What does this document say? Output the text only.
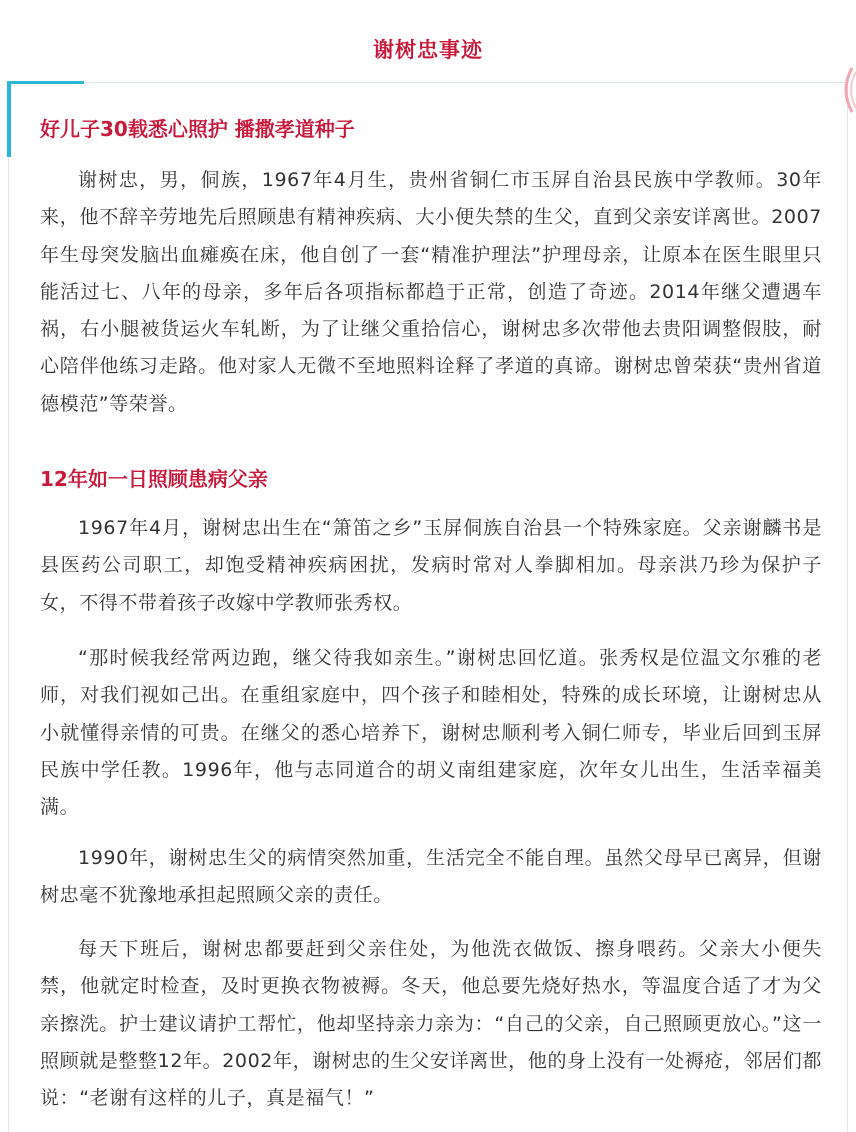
谢树忠事迹
好儿子30载悉心照护 播撒孝道种子

谢树忠，男，侗族，1967年4月生，贵州省铜仁市玉屏自治县民族中学教师。30年来，他不辞辛劳地先后照顾患有精神疾病、大小便失禁的生父，直到父亲安详离世。2007年生母突发脑出血瘫痪在床，他自创了一套“精准护理法”护理母亲，让原本在医生眼里只能活过七、八年的母亲，多年后各项指标都趋于正常，创造了奇迹。2014年继父遭遇车祸，右小腿被货运火车轧断，为了让继父重拾信心，谢树忠多次带他去贵阳调整假肢，耐心陪伴他练习走路。他对家人无微不至地照料诠释了孝道的真谛。谢树忠曾荣获“贵州省道德模范”等荣誉。

12年如一日照顾患病父亲

1967年4月，谢树忠出生在“箫笛之乡”玉屏侗族自治县一个特殊家庭。父亲谢麟书是县医药公司职工，却饱受精神疾病困扰，发病时常对人拳脚相加。母亲洪乃珍为保护子女，不得不带着孩子改嫁中学教师张秀权。

“那时候我经常两边跑，继父待我如亲生。”谢树忠回忆道。张秀权是位温文尔雅的老师，对我们视如己出。在重组家庭中，四个孩子和睦相处，特殊的成长环境，让谢树忠从小就懂得亲情的可贵。在继父的悉心培养下，谢树忠顺利考入铜仁师专，毕业后回到玉屏民族中学任教。1996年，他与志同道合的胡义南组建家庭，次年女儿出生，生活幸福美满。

1990年，谢树忠生父的病情突然加重，生活完全不能自理。虽然父母早已离异，但谢树忠毫不犹豫地承担起照顾父亲的责任。

每天下班后，谢树忠都要赶到父亲住处，为他洗衣做饭、擦身喂药。父亲大小便失禁，他就定时检查，及时更换衣物被褥。冬天，他总要先烧好热水，等温度合适了才为父亲擦洗。护士建议请护工帮忙，他却坚持亲力亲为：“自己的父亲，自己照顾更放心。”这一照顾就是整整12年。2002年，谢树忠的生父安详离世，他的身上没有一处褥疮，邻居们都说：“老谢有这样的儿子，真是福气！”
